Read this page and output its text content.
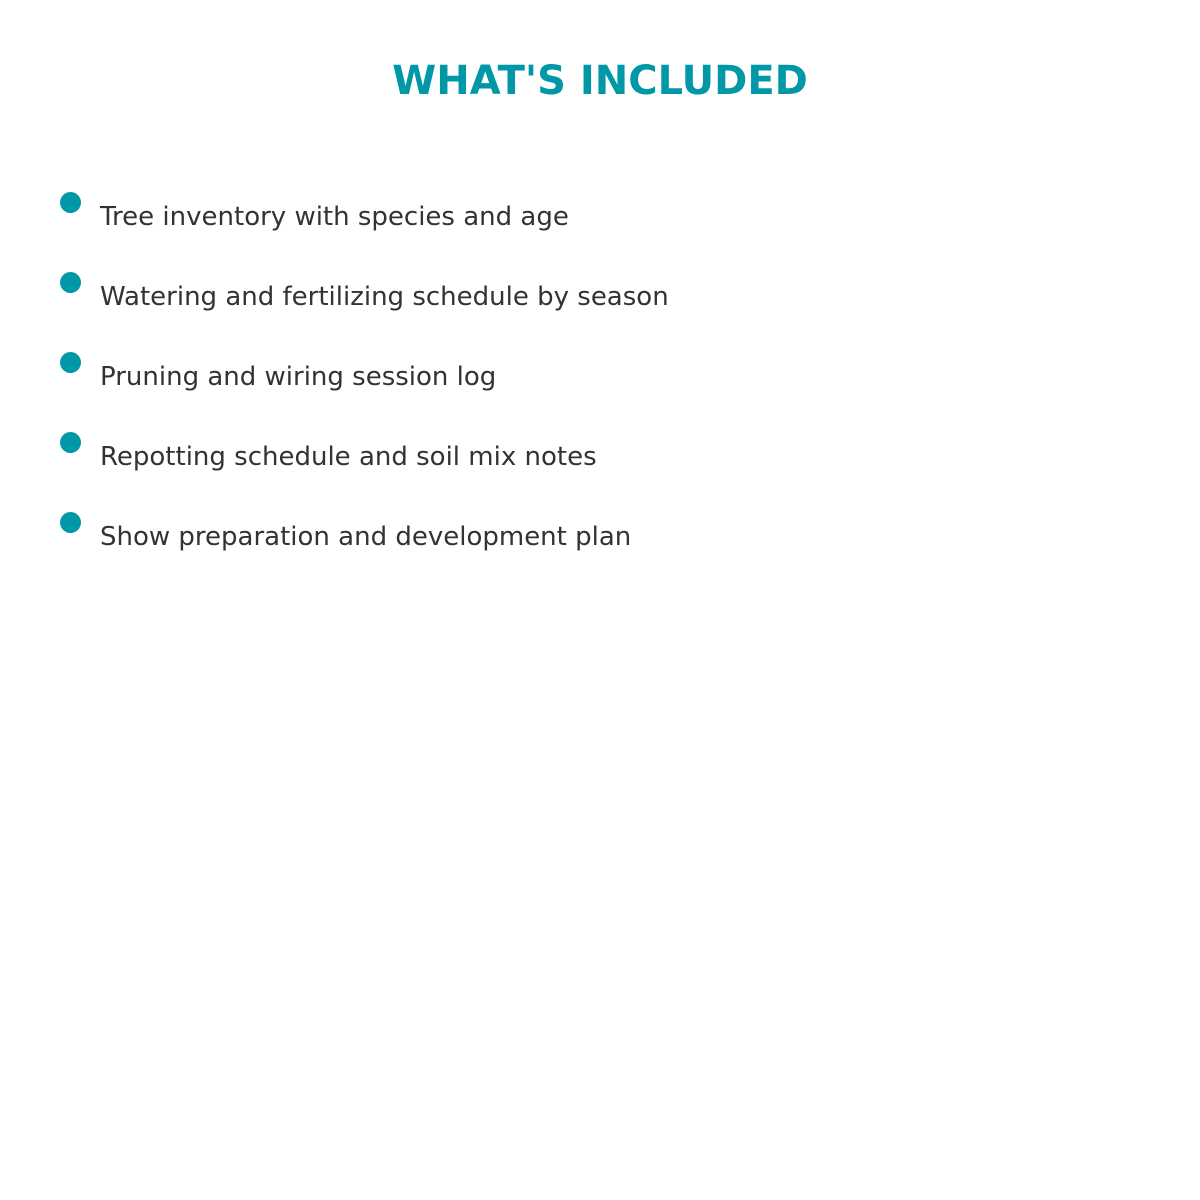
WHAT'S INCLUDED
Tree inventory with species and age
Watering and fertilizing schedule by season
Pruning and wiring session log
Repotting schedule and soil mix notes
Show preparation and development plan
